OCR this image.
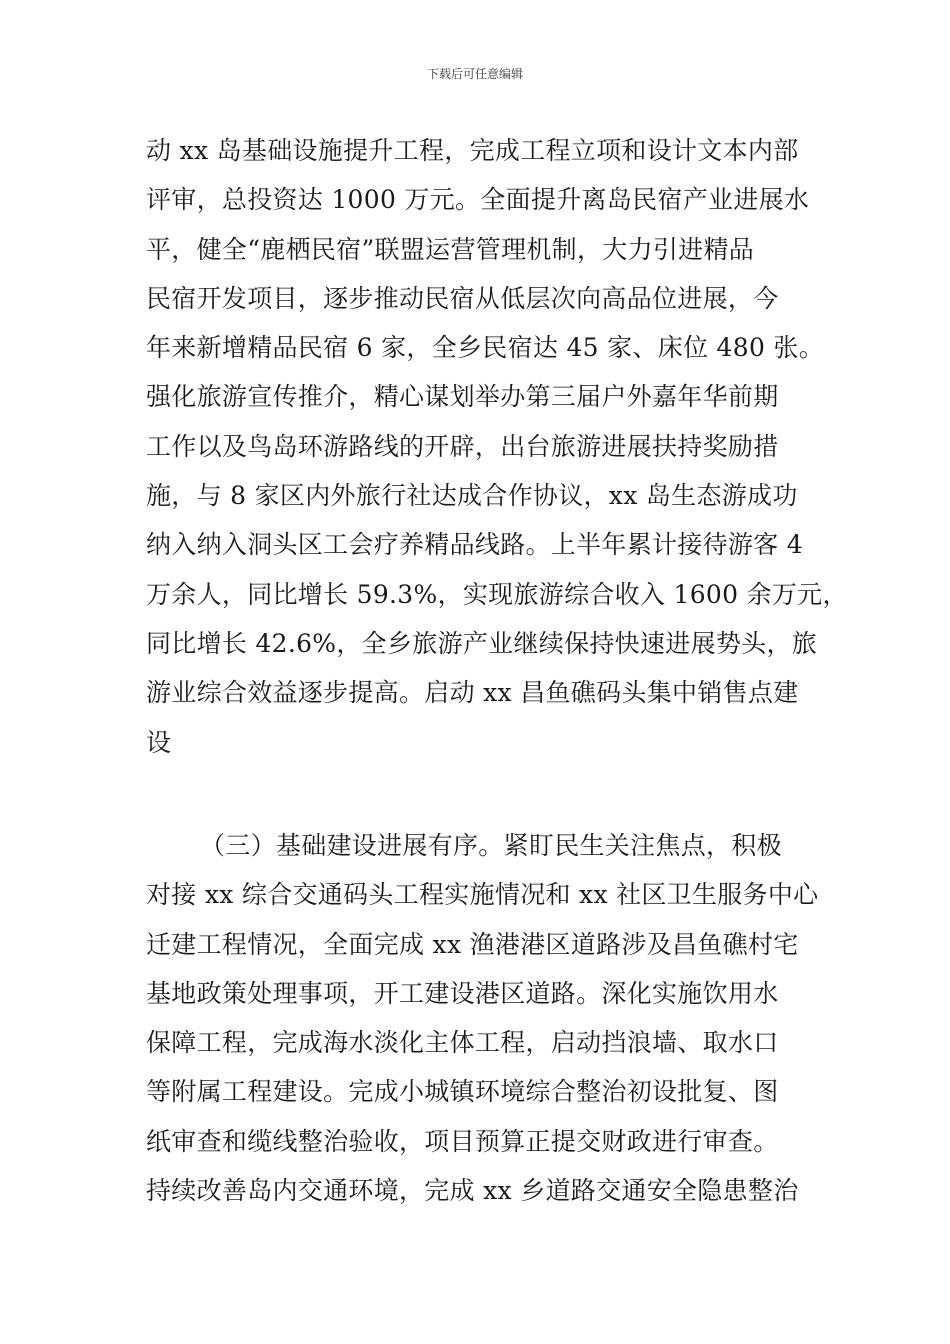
下载后可任意编辑
动 xx 岛基础设施提升工程，完成工程立项和设计文本内部
评审，总投资达 1000 万元。全面提升离岛民宿产业进展水
平，健全“鹿栖民宿”联盟运营管理机制，大力引进精品
民宿开发项目，逐步推动民宿从低层次向高品位进展，今
年来新增精品民宿 6 家，全乡民宿达 45 家、床位 480 张。
强化旅游宣传推介，精心谋划举办第三届户外嘉年华前期
工作以及鸟岛环游路线的开辟，出台旅游进展扶持奖励措
施，与 8 家区内外旅行社达成合作协议，xx 岛生态游成功
纳入纳入洞头区工会疗养精品线路。上半年累计接待游客 4
万余人，同比增长 59.3%，实现旅游综合收入 1600 余万元，
同比增长 42.6%，全乡旅游产业继续保持快速进展势头，旅
游业综合效益逐步提高。启动 xx 昌鱼礁码头集中销售点建
设
（三）基础建设进展有序。紧盯民生关注焦点，积极
对接 xx 综合交通码头工程实施情况和 xx 社区卫生服务中心
迁建工程情况，全面完成 xx 渔港港区道路涉及昌鱼礁村宅
基地政策处理事项，开工建设港区道路。深化实施饮用水
保障工程，完成海水淡化主体工程，启动挡浪墙、取水口
等附属工程建设。完成小城镇环境综合整治初设批复、图
纸审查和缆线整治验收，项目预算正提交财政进行审查。
持续改善岛内交通环境，完成 xx 乡道路交通安全隐患整治
